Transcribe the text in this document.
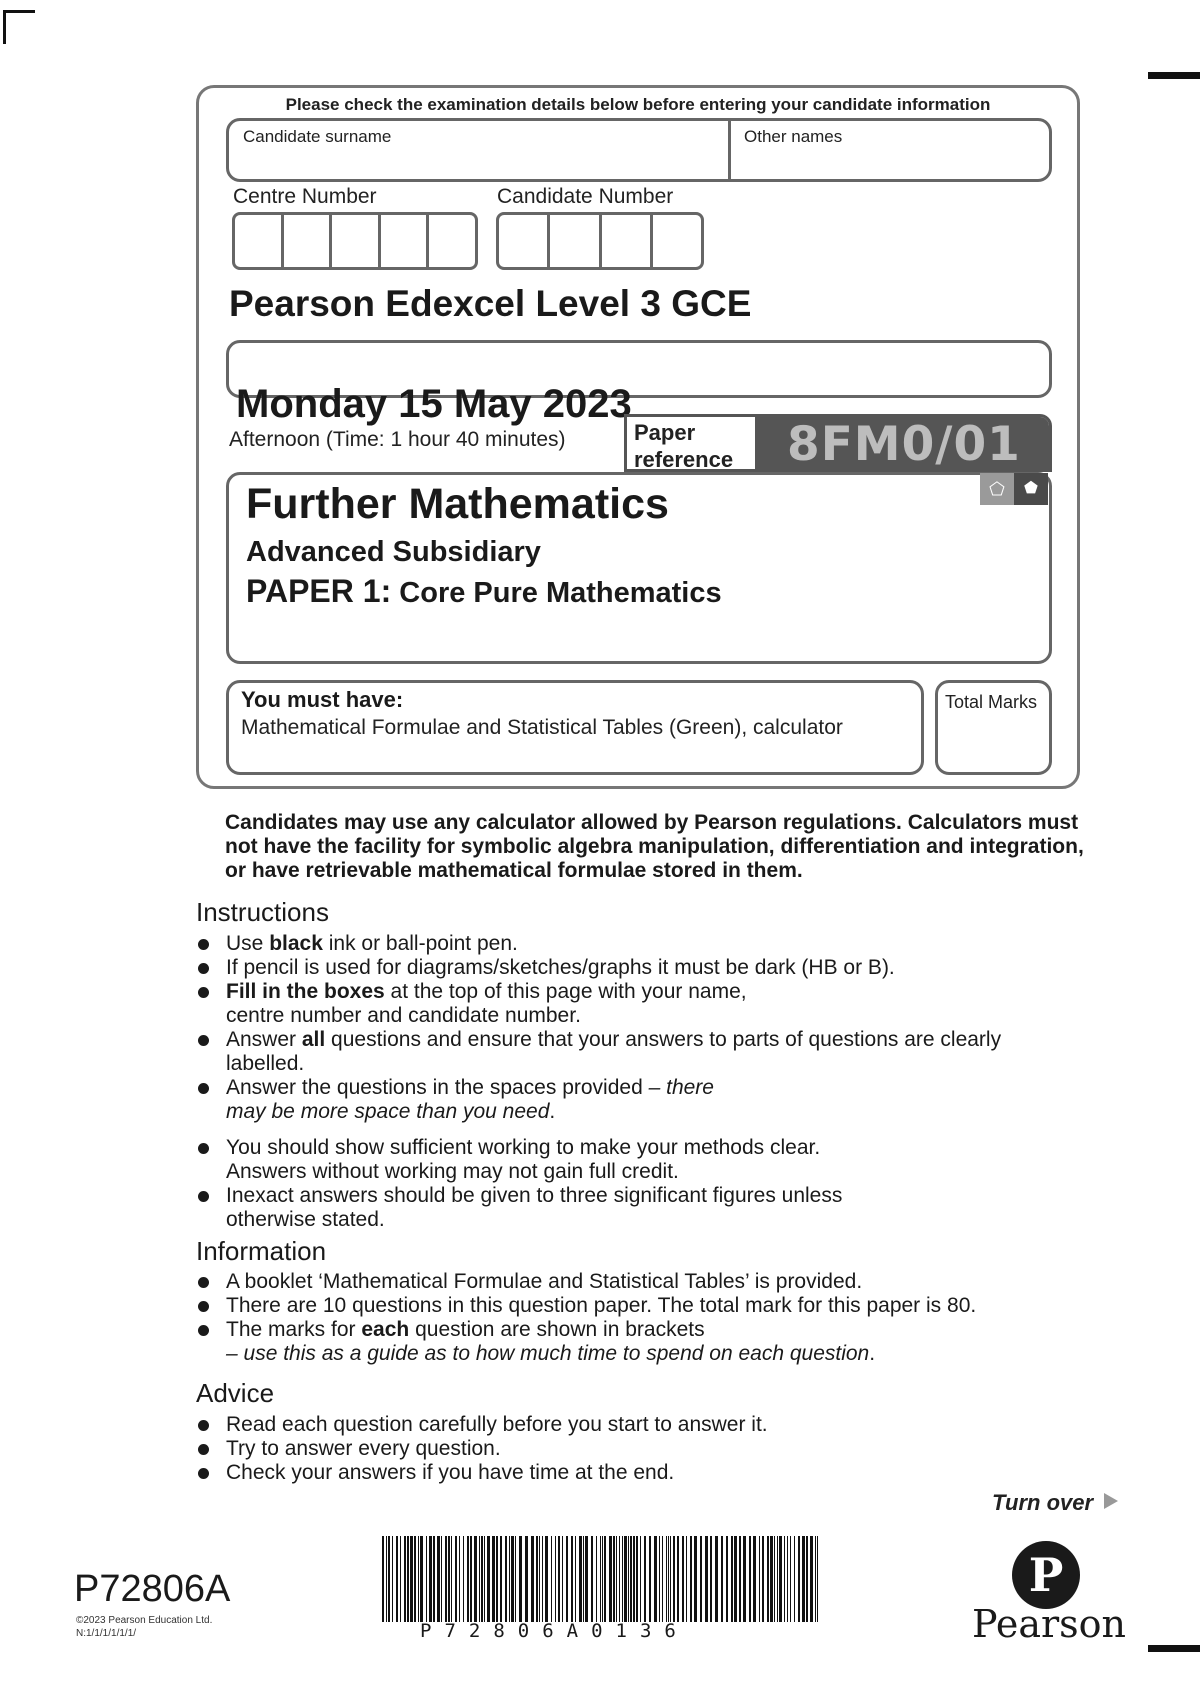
Please check the examination details below before entering your candidate information
Candidate surname	Other names
Centre Number	Candidate Number
Pearson Edexcel Level 3 GCE
Monday 15 May 2023
Afternoon (Time: 1 hour 40 minutes)	Paper
reference 8FM0/01
Further Mathematics
Advanced Subsidiary
PAPER 1: Core Pure Mathematics
⬠	⬟
You must have:
Mathematical Formulae and Statistical Tables (Green), calculator
Total Marks
Candidates may use any calculator allowed by Pearson regulations. Calculators must not have the facility for symbolic algebra manipulation, differentiation and integration, or have retrievable mathematical formulae stored in them.
Instructions
Use black ink or ball-point pen.
If pencil is used for diagrams/sketches/graphs it must be dark (HB or B).
Fill in the boxes at the top of this page with your name, centre number and candidate number.
Answer all questions and ensure that your answers to parts of questions are clearly labelled.
Answer the questions in the spaces provided – there may be more space than you need.
You should show sufficient working to make your methods clear. Answers without working may not gain full credit.
Inexact answers should be given to three significant figures unless otherwise stated.
Information
A booklet ‘Mathematical Formulae and Statistical Tables’ is provided.
There are 10 questions in this question paper. The total mark for this paper is 80.
The marks for each question are shown in brackets
– use this as a guide as to how much time to spend on each question.
Advice
Read each question carefully before you start to answer it.
Try to answer every question.
Check your answers if you have time at the end.
Turn over
P72806A
©2023 Pearson Education Ltd.
N:1/1/1/1/1/1/	P72806A0136
P
Pearson
